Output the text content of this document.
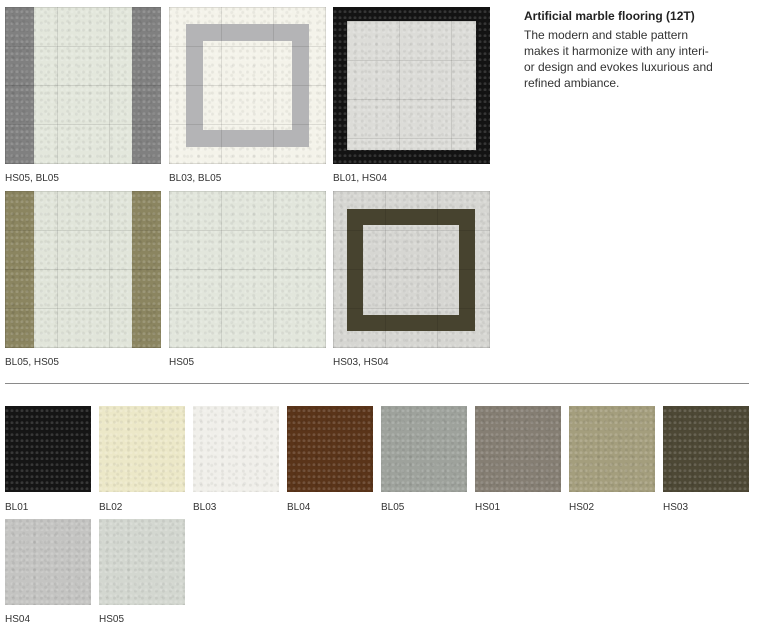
HS05, BL05	BL03, BL05	BL01, HS04
BL05, HS05	HS05	HS03, HS04
Artificial marble flooring (12T)

The modern and stable pattern
makes it harmonize with any interi-
or design and evokes luxurious and
refined ambiance.

BL01	BL02	BL03	BL04	BL05	HS01	HS02	HS03
HS04	HS05
